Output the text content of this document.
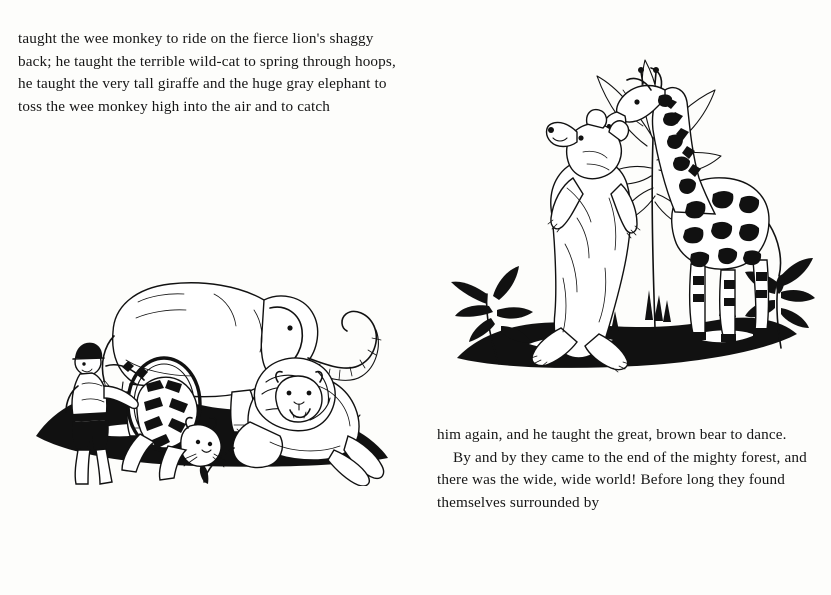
taught the wee monkey to ride on the fierce lion's shaggy back; he taught the terrible wild-cat to spring through hoops, he taught the very tall giraffe and the huge gray elephant to toss the wee monkey high into the air and to catch

him again, and he taught the great, brown bear to dance.

By and by they came to the end of the mighty forest, and there was the wide, wide world! Before long they found themselves surrounded by
